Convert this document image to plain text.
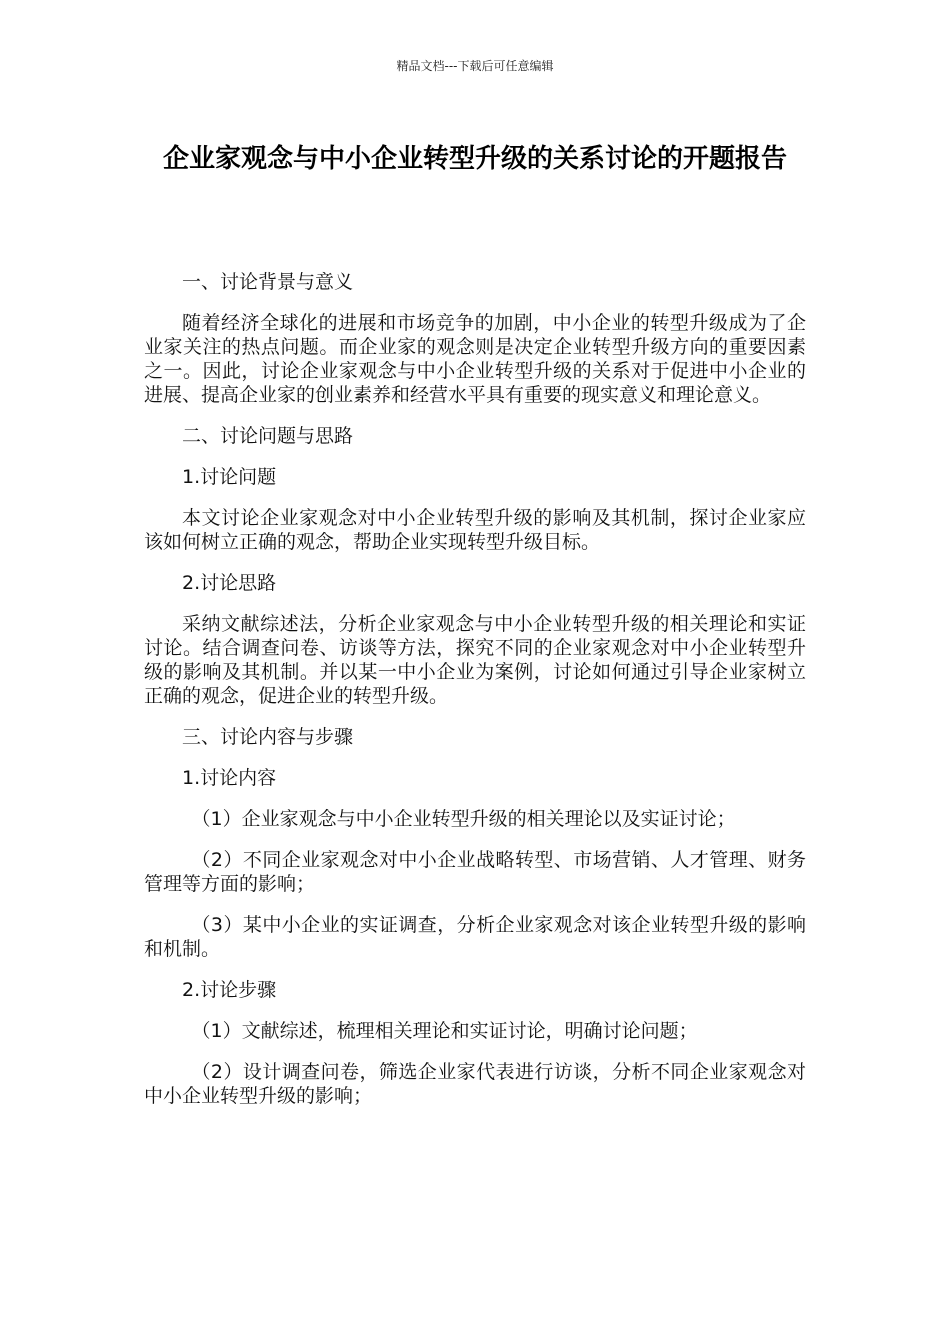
精品文档---下载后可任意编辑
企业家观念与中小企业转型升级的关系讨论的开题报告

一、讨论背景与意义

随着经济全球化的进展和市场竞争的加剧，中小企业的转型升级成为了企业家关注的热点问题。而企业家的观念则是决定企业转型升级方向的重要因素之一。因此，讨论企业家观念与中小企业转型升级的关系对于促进中小企业的进展、提高企业家的创业素养和经营水平具有重要的现实意义和理论意义。

二、讨论问题与思路

1.讨论问题

本文讨论企业家观念对中小企业转型升级的影响及其机制，探讨企业家应该如何树立正确的观念，帮助企业实现转型升级目标。

2.讨论思路

采纳文献综述法，分析企业家观念与中小企业转型升级的相关理论和实证讨论。结合调查问卷、访谈等方法，探究不同的企业家观念对中小企业转型升级的影响及其机制。并以某一中小企业为案例，讨论如何通过引导企业家树立正确的观念，促进企业的转型升级。

三、讨论内容与步骤

1.讨论内容

（1）企业家观念与中小企业转型升级的相关理论以及实证讨论；

（2）不同企业家观念对中小企业战略转型、市场营销、人才管理、财务管理等方面的影响；

（3）某中小企业的实证调查，分析企业家观念对该企业转型升级的影响和机制。

2.讨论步骤

（1）文献综述，梳理相关理论和实证讨论，明确讨论问题；

（2）设计调查问卷，筛选企业家代表进行访谈，分析不同企业家观念对中小企业转型升级的影响；
